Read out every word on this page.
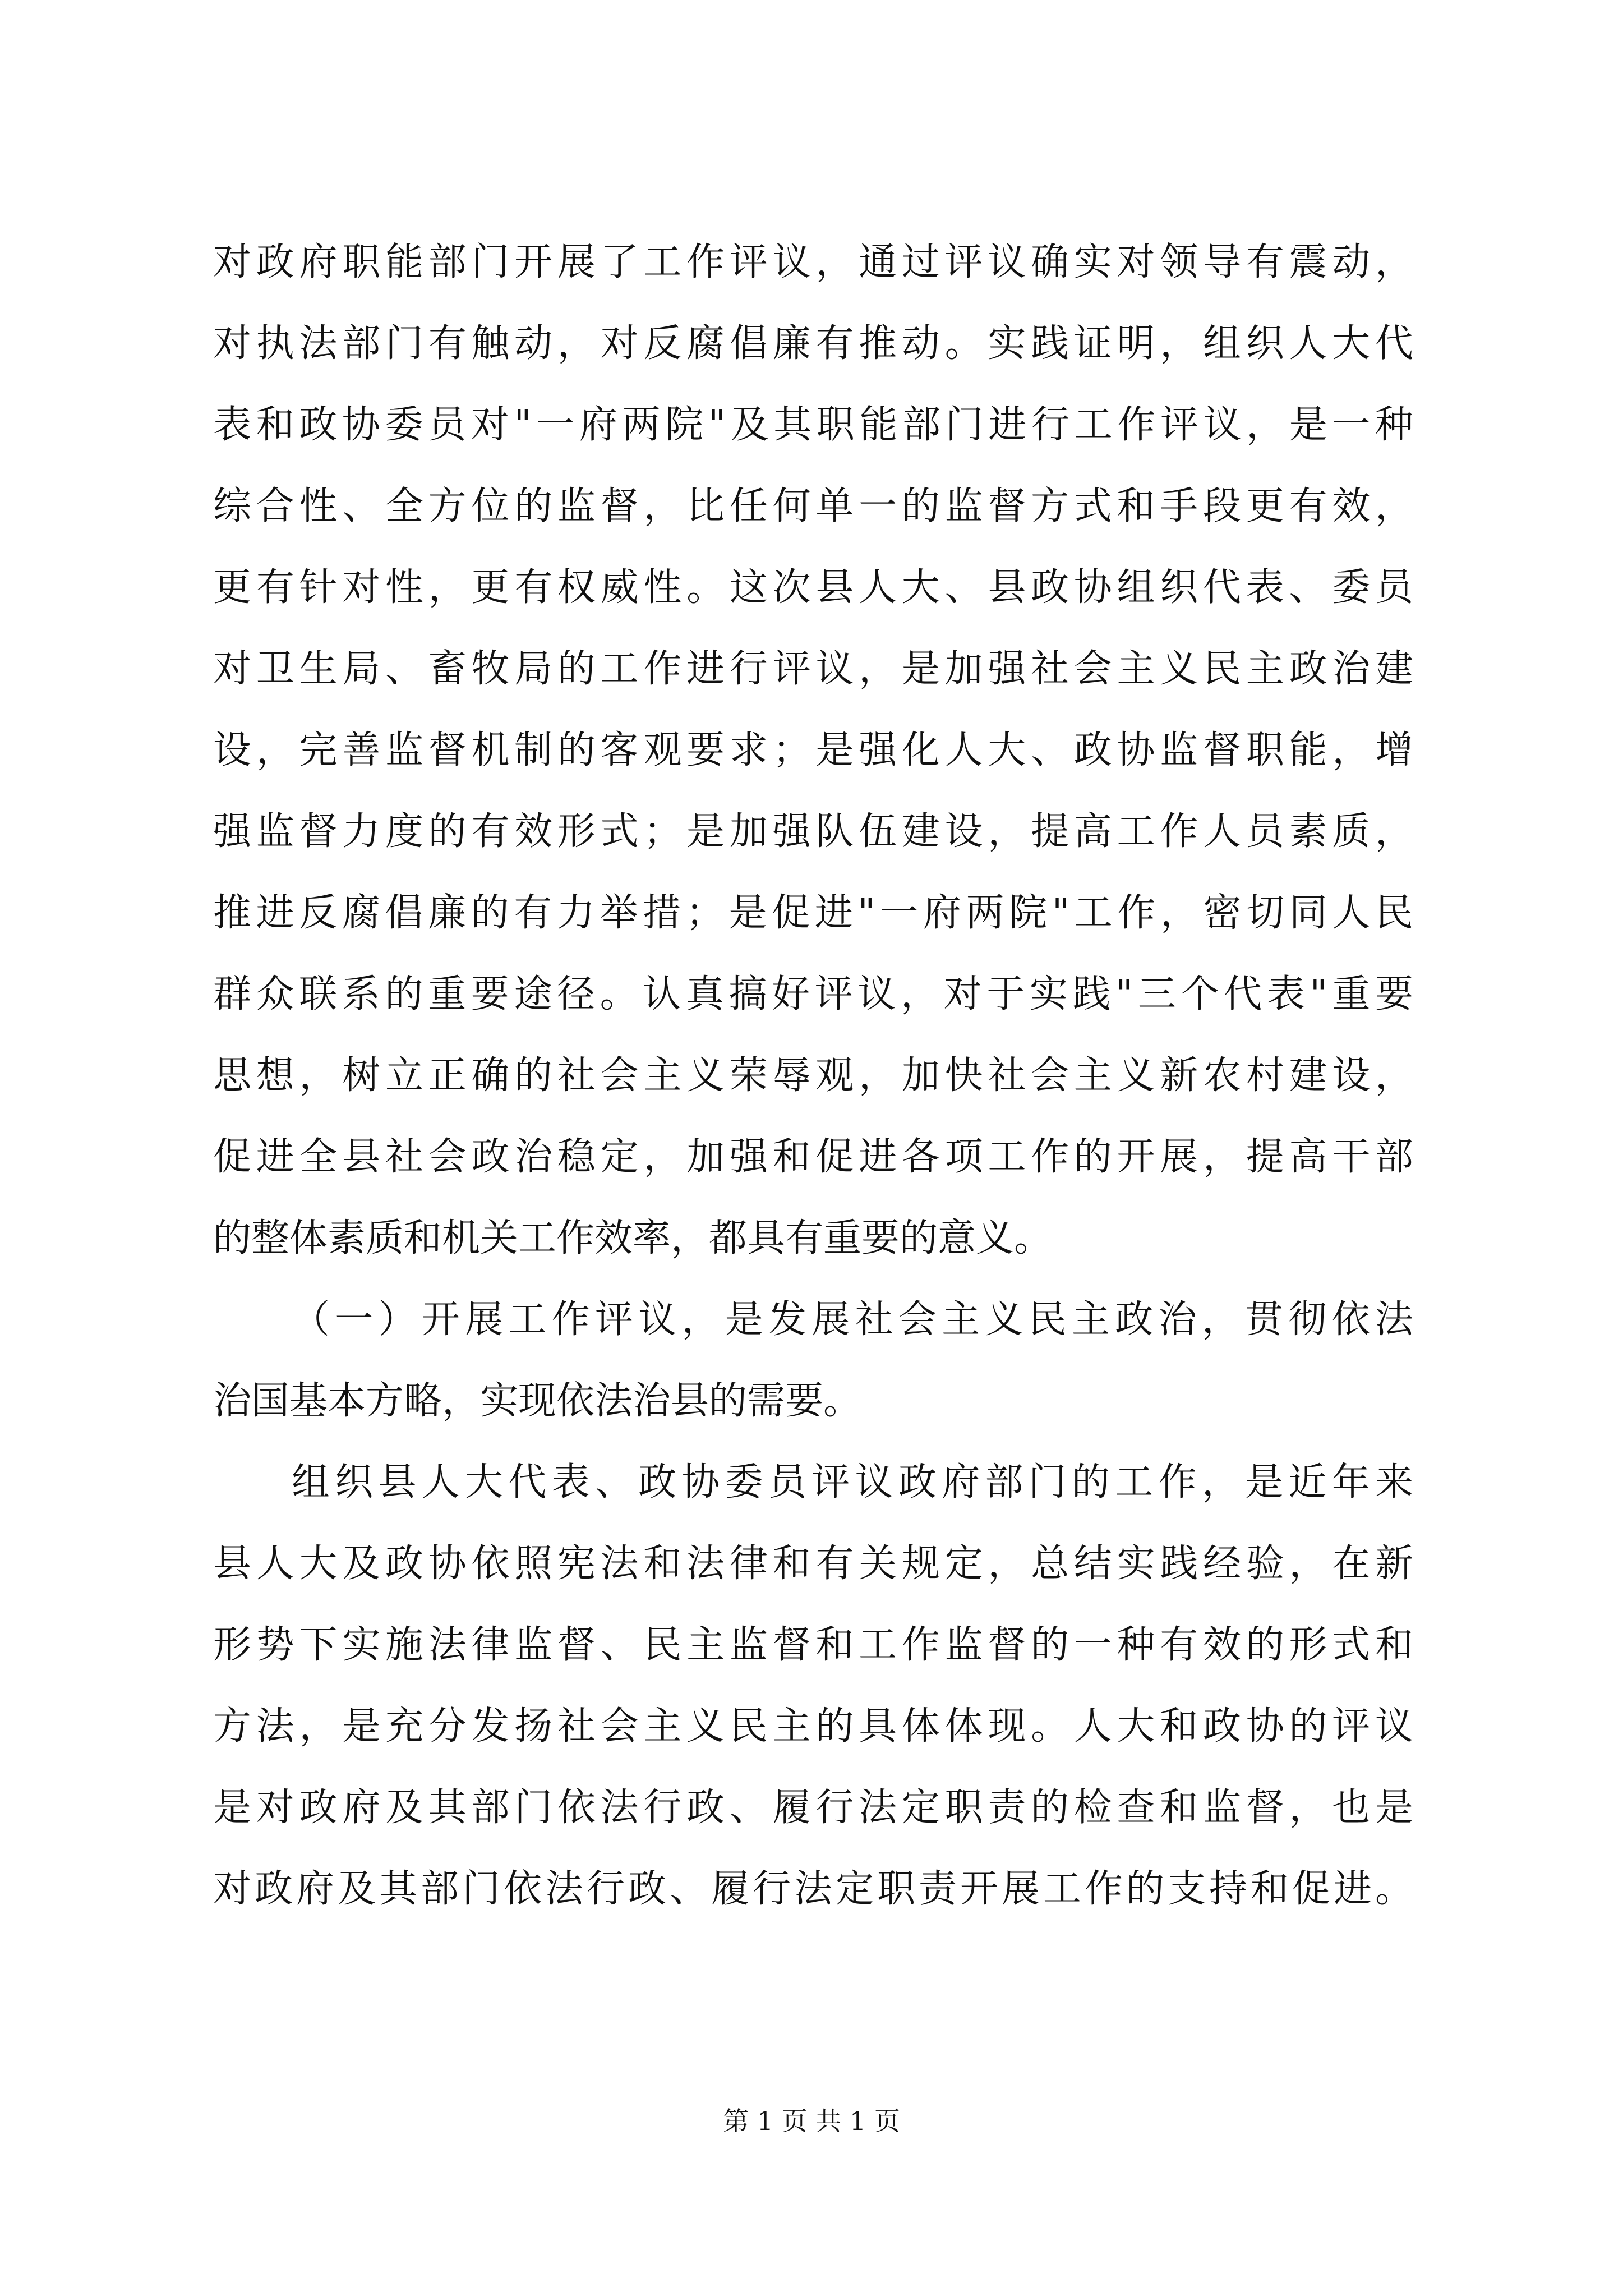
对政府职能部门开展了工作评议，通过评议确实对领导有震动，
对执法部门有触动，对反腐倡廉有推动。实践证明，组织人大代
表和政协委员对"一府两院"及其职能部门进行工作评议，是一种
综合性、全方位的监督，比任何单一的监督方式和手段更有效，
更有针对性，更有权威性。这次县人大、县政协组织代表、委员
对卫生局、畜牧局的工作进行评议，是加强社会主义民主政治建
设，完善监督机制的客观要求；是强化人大、政协监督职能，增
强监督力度的有效形式；是加强队伍建设，提高工作人员素质，
推进反腐倡廉的有力举措；是促进"一府两院"工作，密切同人民
群众联系的重要途径。认真搞好评议，对于实践"三个代表"重要
思想，树立正确的社会主义荣辱观，加快社会主义新农村建设，
促进全县社会政治稳定，加强和促进各项工作的开展，提高干部
的整体素质和机关工作效率，都具有重要的意义。
（一）开展工作评议，是发展社会主义民主政治，贯彻依法
治国基本方略，实现依法治县的需要。
组织县人大代表、政协委员评议政府部门的工作，是近年来
县人大及政协依照宪法和法律和有关规定，总结实践经验，在新
形势下实施法律监督、民主监督和工作监督的一种有效的形式和
方法，是充分发扬社会主义民主的具体体现。人大和政协的评议
是对政府及其部门依法行政、履行法定职责的检查和监督，也是
对政府及其部门依法行政、履行法定职责开展工作的支持和促进。
第 1 页 共 1 页
